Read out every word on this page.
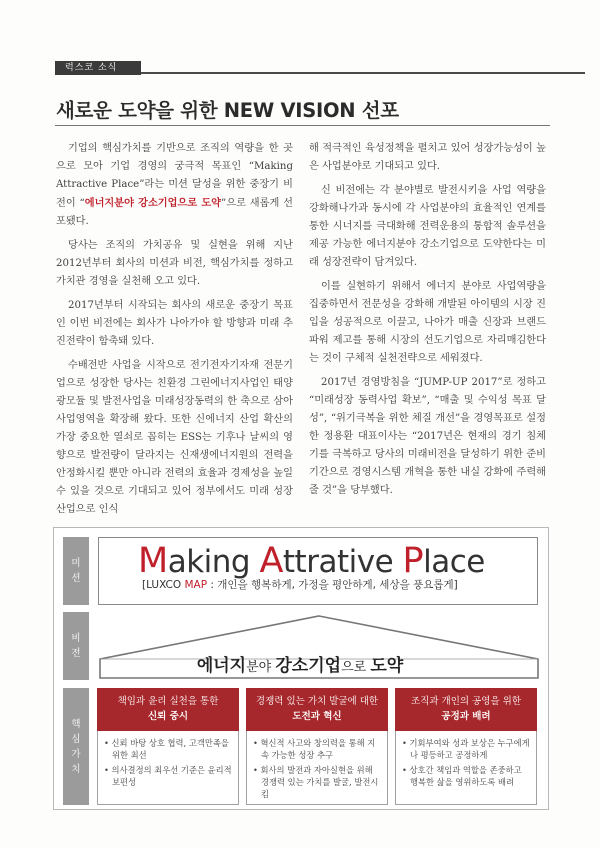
럭스코 소식
새로운 도약을 위한 NEW VISION 선포

기업의 핵심가치를 기반으로 조직의 역량을 한 곳으로 모아 기업 경영의 궁극적 목표인 “Making Attractive Place”라는 미션 달성을 위한 중장기 비전이 “에너지분야 강소기업으로 도약”으로 새롭게 선포됐다.

당사는 조직의 가치공유 및 실현을 위해 지난 2012년부터 회사의 미션과 비전, 핵심가치를 정하고 가치관 경영을 실천해 오고 있다.

2017년부터 시작되는 회사의 새로운 중장기 목표인 이번 비전에는 회사가 나아가야 할 방향과 미래 추진전략이 함축돼 있다.

수배전반 사업을 시작으로 전기전자기자재 전문기업으로 성장한 당사는 친환경 그린에너지사업인 태양광모듈 및 발전사업을 미래성장동력의 한 축으로 삼아 사업영역을 확장해 왔다. 또한 신에너지 산업 확산의 가장 중요한 열쇠로 꼽히는 ESS는 기후나 날씨의 영향으로 발전량이 달라지는 신재생에너지원의 전력을 안정화시킬 뿐만 아니라 전력의 효율과 경제성을 높일 수 있을 것으로 기대되고 있어 정부에서도 미래 성장산업으로 인식

해 적극적인 육성정책을 펼치고 있어 성장가능성이 높은 사업분야로 기대되고 있다.

신 비전에는 각 분야별로 발전시키을 사업 역량을 강화해나가과 동시에 각 사업분야의 효율적인 연계를 통한 시너지를 극대화해 전력운용의 통합적 솔루션을 제공 가능한 에너지분야 강소기업으로 도약한다는 미래 성장전략이 담겨있다.

이를 실현하기 위해서 에너지 분야로 사업역량을 집중하면서 전문성을 강화해 개발된 아이템의 시장 진입을 성공적으로 이끌고, 나아가 매출 신장과 브랜드 파워 제고를 통해 시장의 선도기업으로 자리매김한다는 것이 구체적 실천전략으로 세워졌다.

2017년 경영방침을 “JUMP-UP 2017”로 정하고 “미래성장 동력사업 확보”, “매출 및 수익성 목표 달성”, “위기극복을 위한 체질 개선”을 경영목표로 설정한 정용환 대표이사는 “2017년은 현재의 경기 침체기를 극복하고 당사의 미래비전을 달성하기 위한 준비기간으로 경영시스템 개혁을 통한 내실 강화에 주력해 줄 것”을 당부했다.

미
션
비
전
핵
심
가
치
Making Attrative Place
[LUXCO MAP : 개인을 행복하게, 가정을 평안하게, 세상을 풍요롭게]
에너지분야 강소기업으로 도약
책임과 윤리 실천을 통한
신뢰 중시
• 신뢰 바탕 상호 협력, 고객만족을 위한 최선
• 의사결정의 최우선 기준은 윤리적 보편성
경쟁력 있는 가치 발굴에 대한
도전과 혁신
• 혁신적 사고와 창의력을 통해 지속 가능한 성장 추구
• 회사의 발전과 자아실현을 위해 경쟁력 있는 가치를 발굴, 발전시킴
조직과 개인의 공영을 위한
공정과 배려
• 기회부여와 성과 보상은 누구에게나 평등하고 공정하게
• 상호간 책임과 역할을 존중하고 행복한 삶을 영위하도록 배려
